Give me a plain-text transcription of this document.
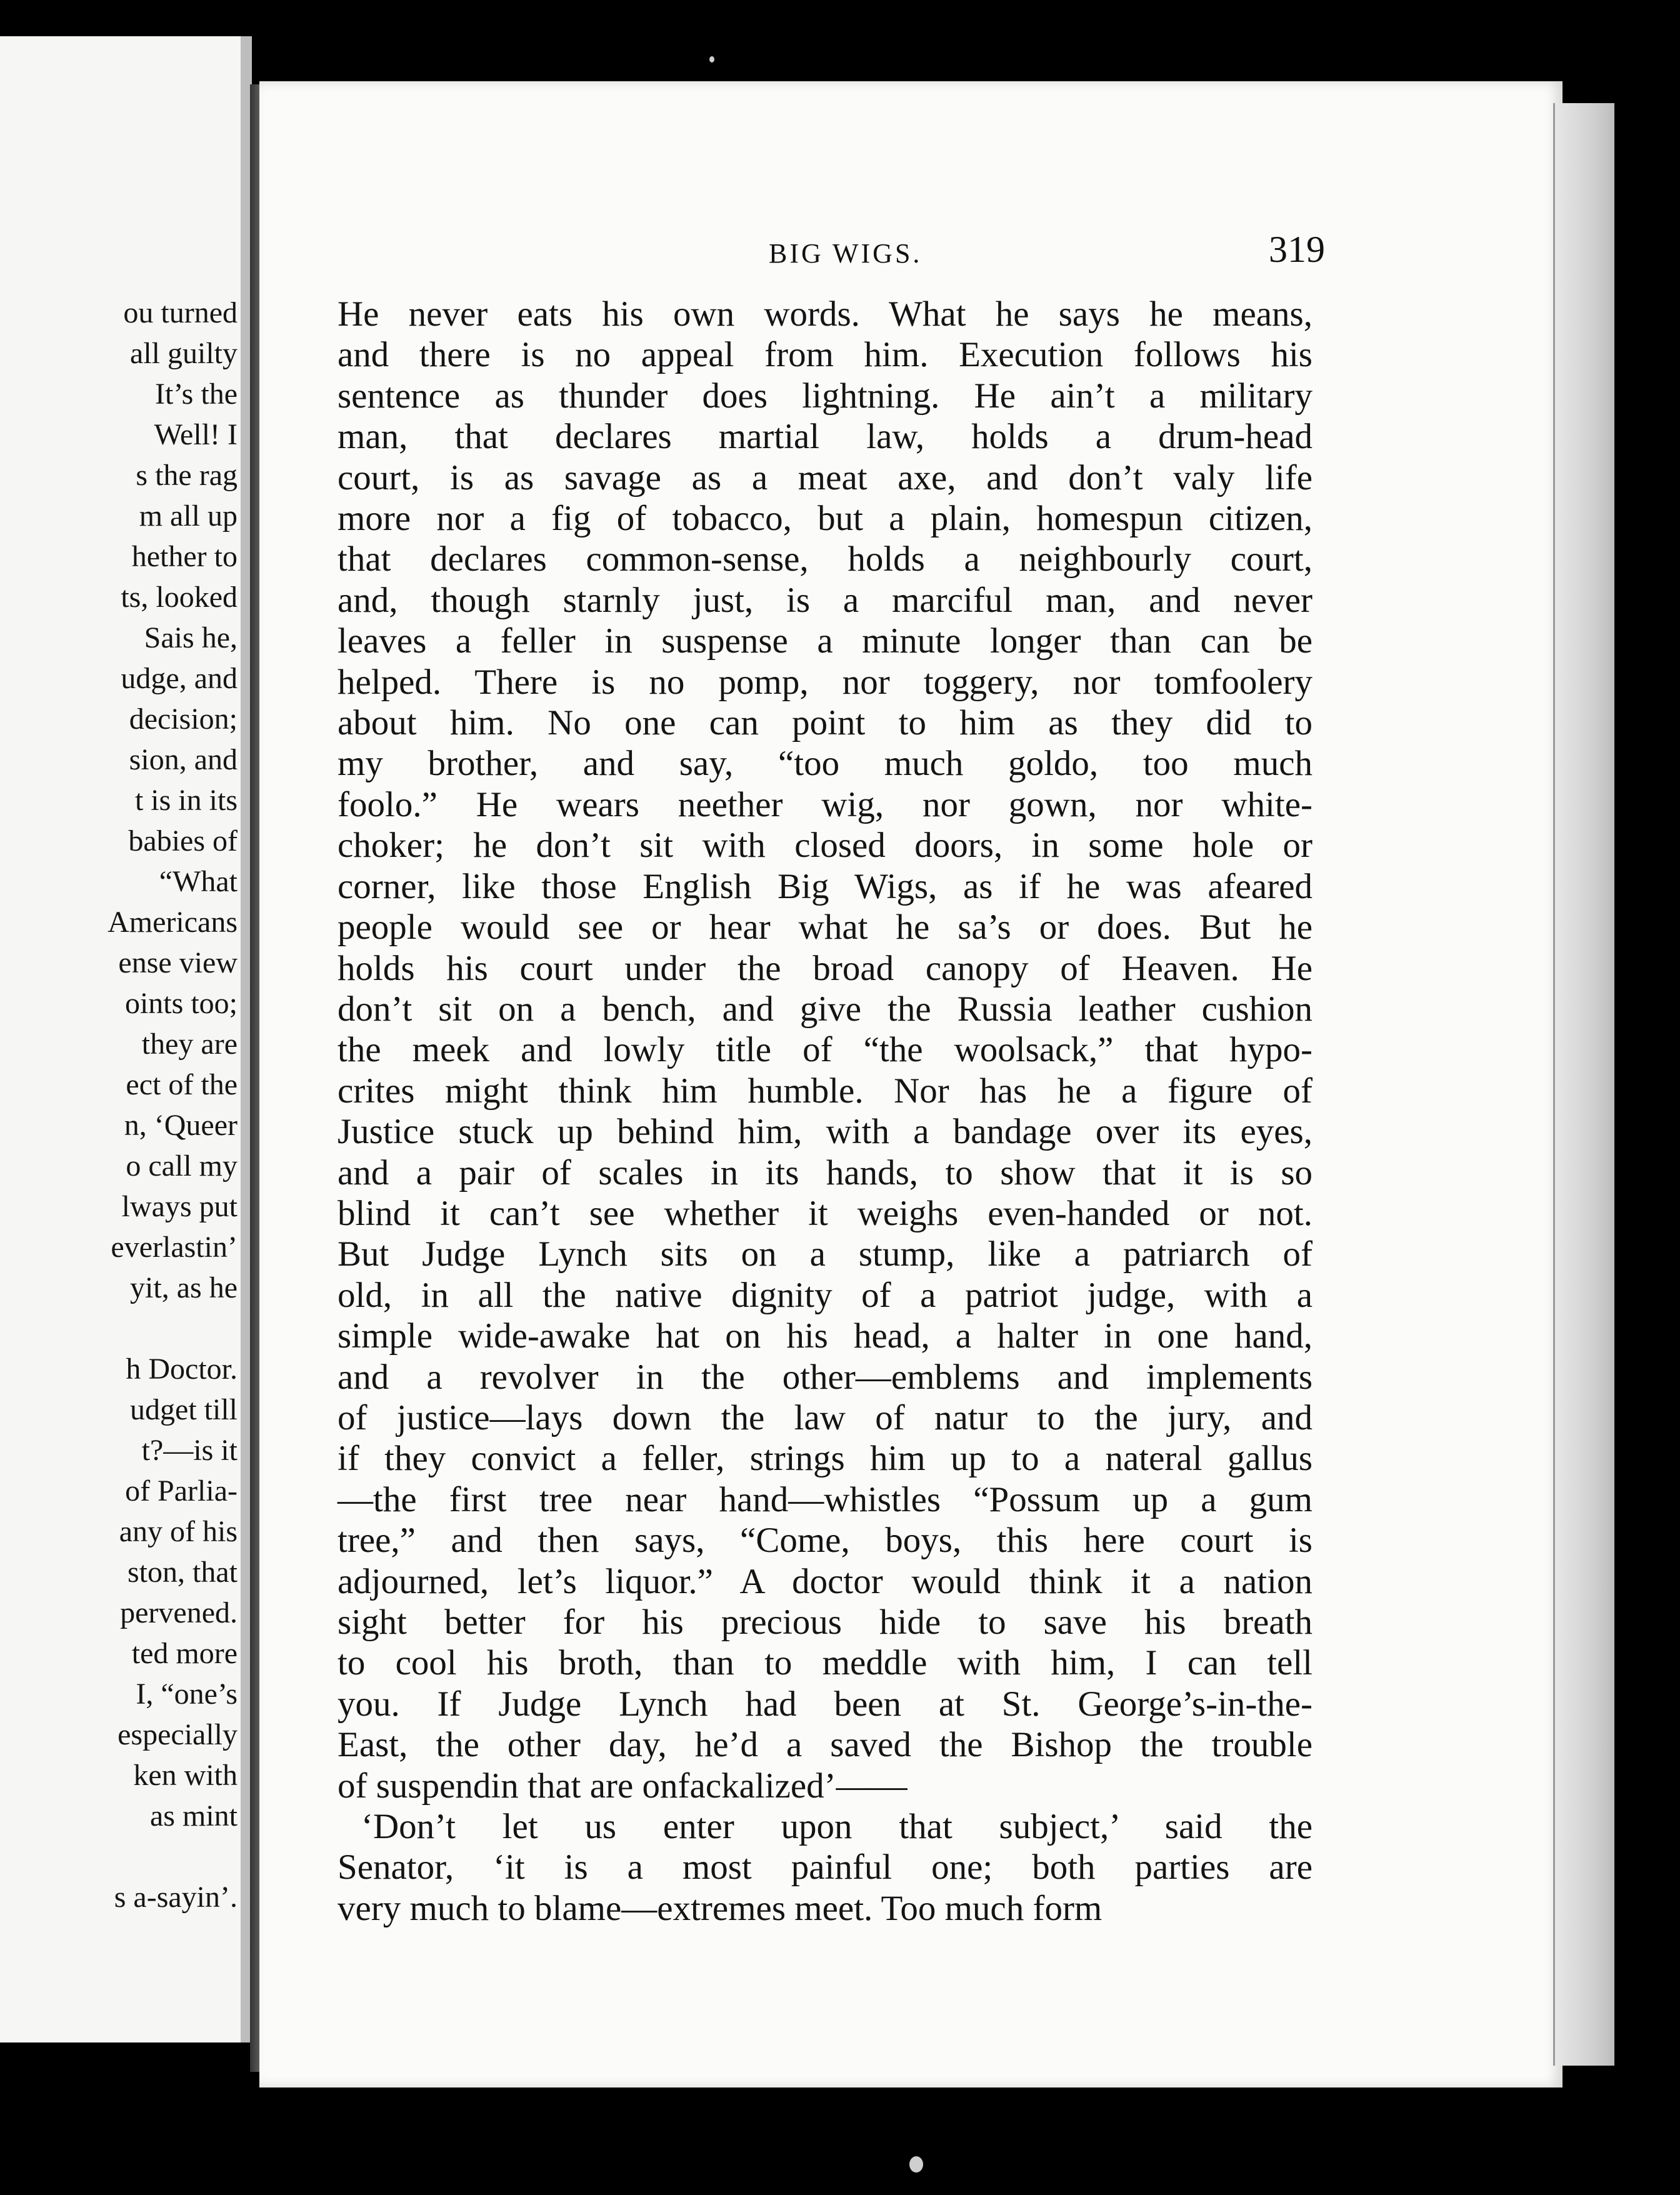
ou turned
all guilty
It’s the
Well! I
s the rag
m all up
hether to
ts, looked
Sais he,
udge, and
decision;
sion, and
t is in its
babies of
“What
Americans
ense view
oints too;
they are
ect of the
n, ‘Queer
o call my
lways put
everlastin’
yit, as he

h Doctor.
udget till
t?—is it
of Parlia-
any of his
ston, that
pervened.
ted more
I, “one’s
especially
ken with
as mint

s a-sayin’.
BIG WIGS.	319
He never eats his own words. What he says he means,
and there is no appeal from him. Execution follows his
sentence as thunder does lightning. He ain’t a military
man, that declares martial law, holds a drum-head
court, is as savage as a meat axe, and don’t valy life
more nor a fig of tobacco, but a plain, homespun citizen,
that declares common-sense, holds a neighbourly court,
and, though starnly just, is a marciful man, and never
leaves a feller in suspense a minute longer than can be
helped. There is no pomp, nor toggery, nor tomfoolery
about him. No one can point to him as they did to
my brother, and say, “too much goldo, too much
foolo.” He wears neether wig, nor gown, nor white-
choker; he don’t sit with closed doors, in some hole or
corner, like those English Big Wigs, as if he was afeared
people would see or hear what he sa’s or does. But he
holds his court under the broad canopy of Heaven. He
don’t sit on a bench, and give the Russia leather cushion
the meek and lowly title of “the woolsack,” that hypo-
crites might think him humble. Nor has he a figure of
Justice stuck up behind him, with a bandage over its eyes,
and a pair of scales in its hands, to show that it is so
blind it can’t see whether it weighs even-handed or not.
But Judge Lynch sits on a stump, like a patriarch of
old, in all the native dignity of a patriot judge, with a
simple wide-awake hat on his head, a halter in one hand,
and a revolver in the other—emblems and implements
of justice—lays down the law of natur to the jury, and
if they convict a feller, strings him up to a nateral gallus
—the first tree near hand—whistles “Possum up a gum
tree,” and then says, “Come, boys, this here court is
adjourned, let’s liquor.” A doctor would think it a nation
sight better for his precious hide to save his breath
to cool his broth, than to meddle with him, I can tell
you. If Judge Lynch had been at St. George’s-in-the-
East, the other day, he’d a saved the Bishop the trouble
of suspendin that are onfackalized’——
‘Don’t let us enter upon that subject,’ said the
Senator, ‘it is a most painful one; both parties are
very much to blame—extremes meet. Too much form
